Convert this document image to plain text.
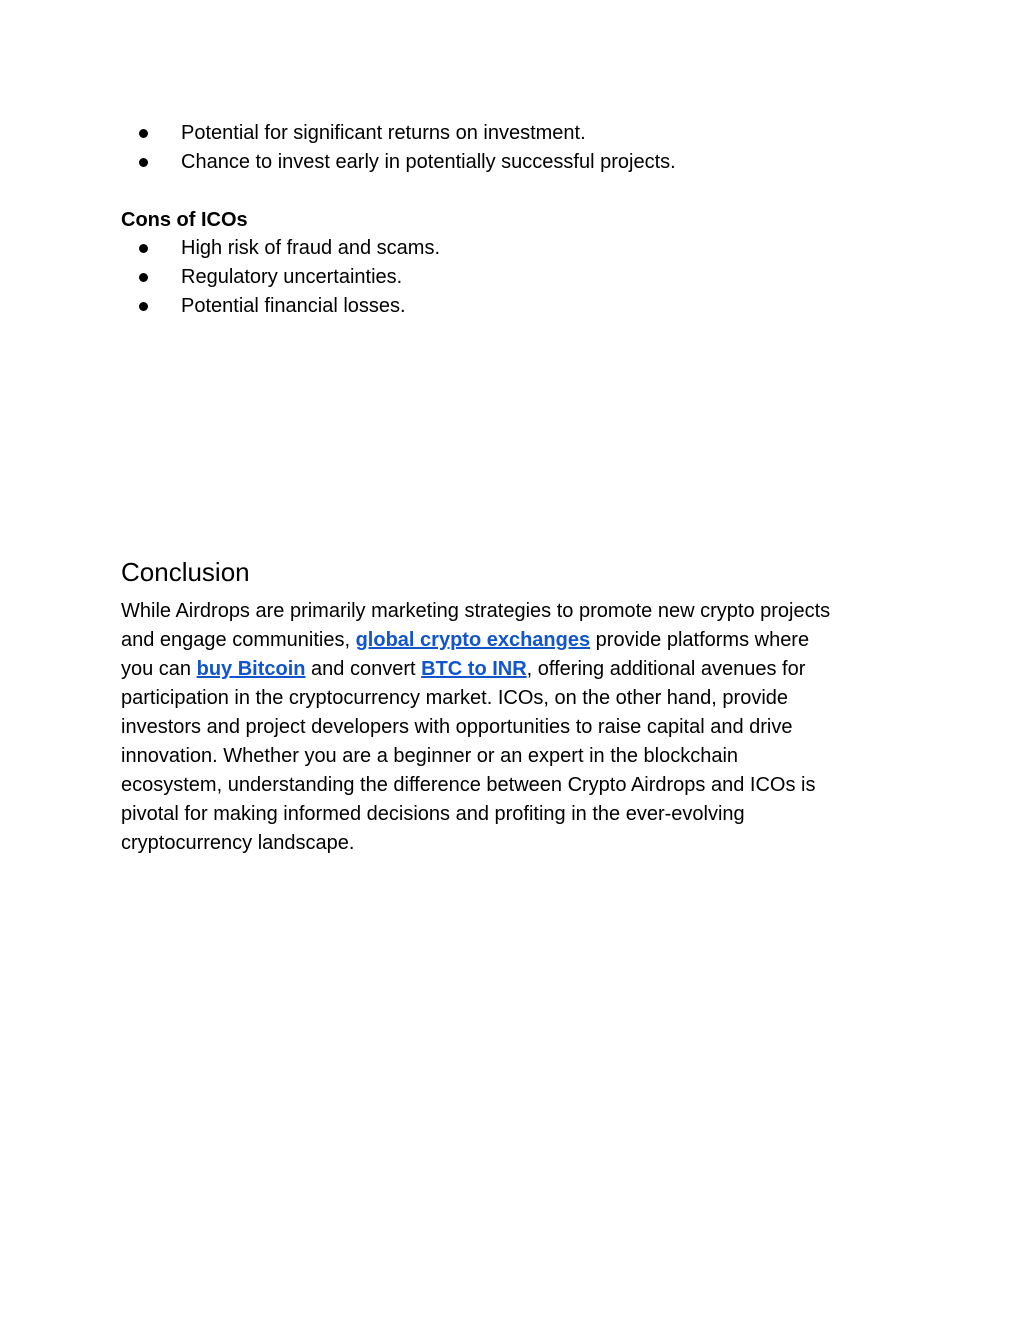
Potential for significant returns on investment.
Chance to invest early in potentially successful projects.
Cons of ICOs
High risk of fraud and scams.
Regulatory uncertainties.
Potential financial losses.
Conclusion
While Airdrops are primarily marketing strategies to promote new crypto projects
and engage communities, global crypto exchanges provide platforms where
you can buy Bitcoin and convert BTC to INR, offering additional avenues for
participation in the cryptocurrency market. ICOs, on the other hand, provide
investors and project developers with opportunities to raise capital and drive
innovation. Whether you are a beginner or an expert in the blockchain
ecosystem, understanding the difference between Crypto Airdrops and ICOs is
pivotal for making informed decisions and profiting in the ever-evolving
cryptocurrency landscape.
